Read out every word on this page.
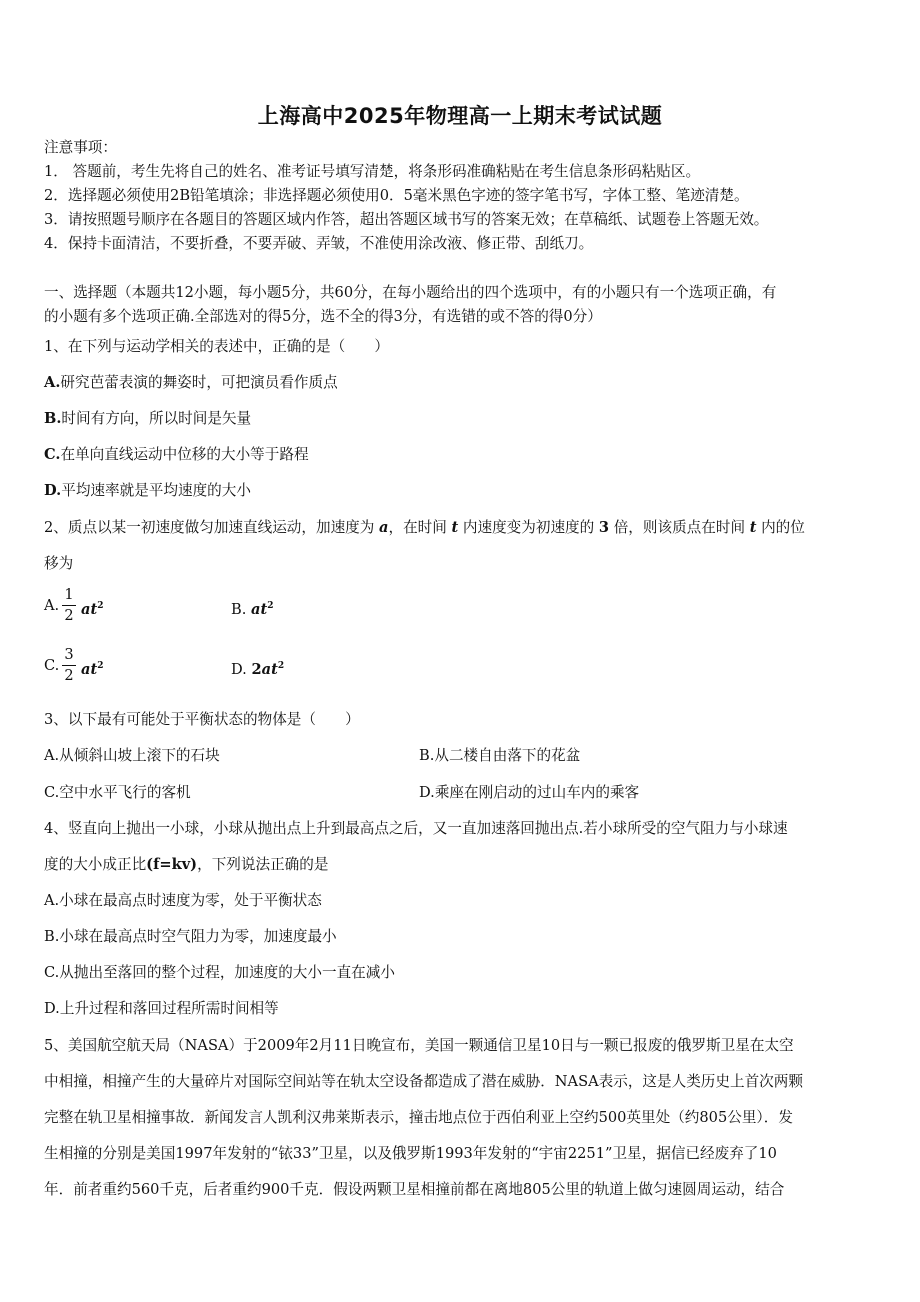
上海高中2025年物理高一上期末考试试题
注意事项：
1． 答题前，考生先将自己的姓名、准考证号填写清楚，将条形码准确粘贴在考生信息条形码粘贴区。
2．选择题必须使用2B铅笔填涂；非选择题必须使用0．5毫米黑色字迹的签字笔书写，字体工整、笔迹清楚。
3．请按照题号顺序在各题目的答题区域内作答，超出答题区域书写的答案无效；在草稿纸、试题卷上答题无效。
4．保持卡面清洁，不要折叠，不要弄破、弄皱，不准使用涂改液、修正带、刮纸刀。
一、选择题（本题共12小题，每小题5分，共60分，在每小题给出的四个选项中，有的小题只有一个选项正确，有
的小题有多个选项正确.全部选对的得5分，选不全的得3分，有选错的或不答的得0分）
1、在下列与运动学相关的表述中，正确的是（　　）
A.研究芭蕾表演的舞姿时，可把演员看作质点
B.时间有方向，所以时间是矢量
C.在单向直线运动中位移的大小等于路程
D.平均速率就是平均速度的大小
2、质点以某一初速度做匀加速直线运动，加速度为 a，在时间 t 内速度变为初速度的 3 倍，则该质点在时间 t 内的位
移为
A.
1
2 $at^2$	B. $at^2$
C.
3
2 $at^2$	D. $2at^2$
3、以下最有可能处于平衡状态的物体是（　　）
A.从倾斜山坡上滚下的石块	B.从二楼自由落下的花盆
C.空中水平飞行的客机	D.乘座在刚启动的过山车内的乘客
4、竖直向上抛出一小球，小球从抛出点上升到最高点之后，又一直加速落回抛出点.若小球所受的空气阻力与小球速
度的大小成正比(f=kv)，下列说法正确的是
A.小球在最高点时速度为零，处于平衡状态
B.小球在最高点时空气阻力为零，加速度最小
C.从抛出至落回的整个过程，加速度的大小一直在减小
D.上升过程和落回过程所需时间相等
5、美国航空航天局（NASA）于2009年2月11日晚宣布，美国一颗通信卫星10日与一颗已报废的俄罗斯卫星在太空
中相撞，相撞产生的大量碎片对国际空间站等在轨太空设备都造成了潜在威胁．NASA表示，这是人类历史上首次两颗
完整在轨卫星相撞事故．新闻发言人凯利汉弗莱斯表示，撞击地点位于西伯利亚上空约500英里处（约805公里）．发
生相撞的分别是美国1997年发射的“铱33”卫星，以及俄罗斯1993年发射的“宇宙2251”卫星，据信已经废弃了10
年．前者重约560千克，后者重约900千克．假设两颗卫星相撞前都在离地805公里的轨道上做匀速圆周运动，结合
